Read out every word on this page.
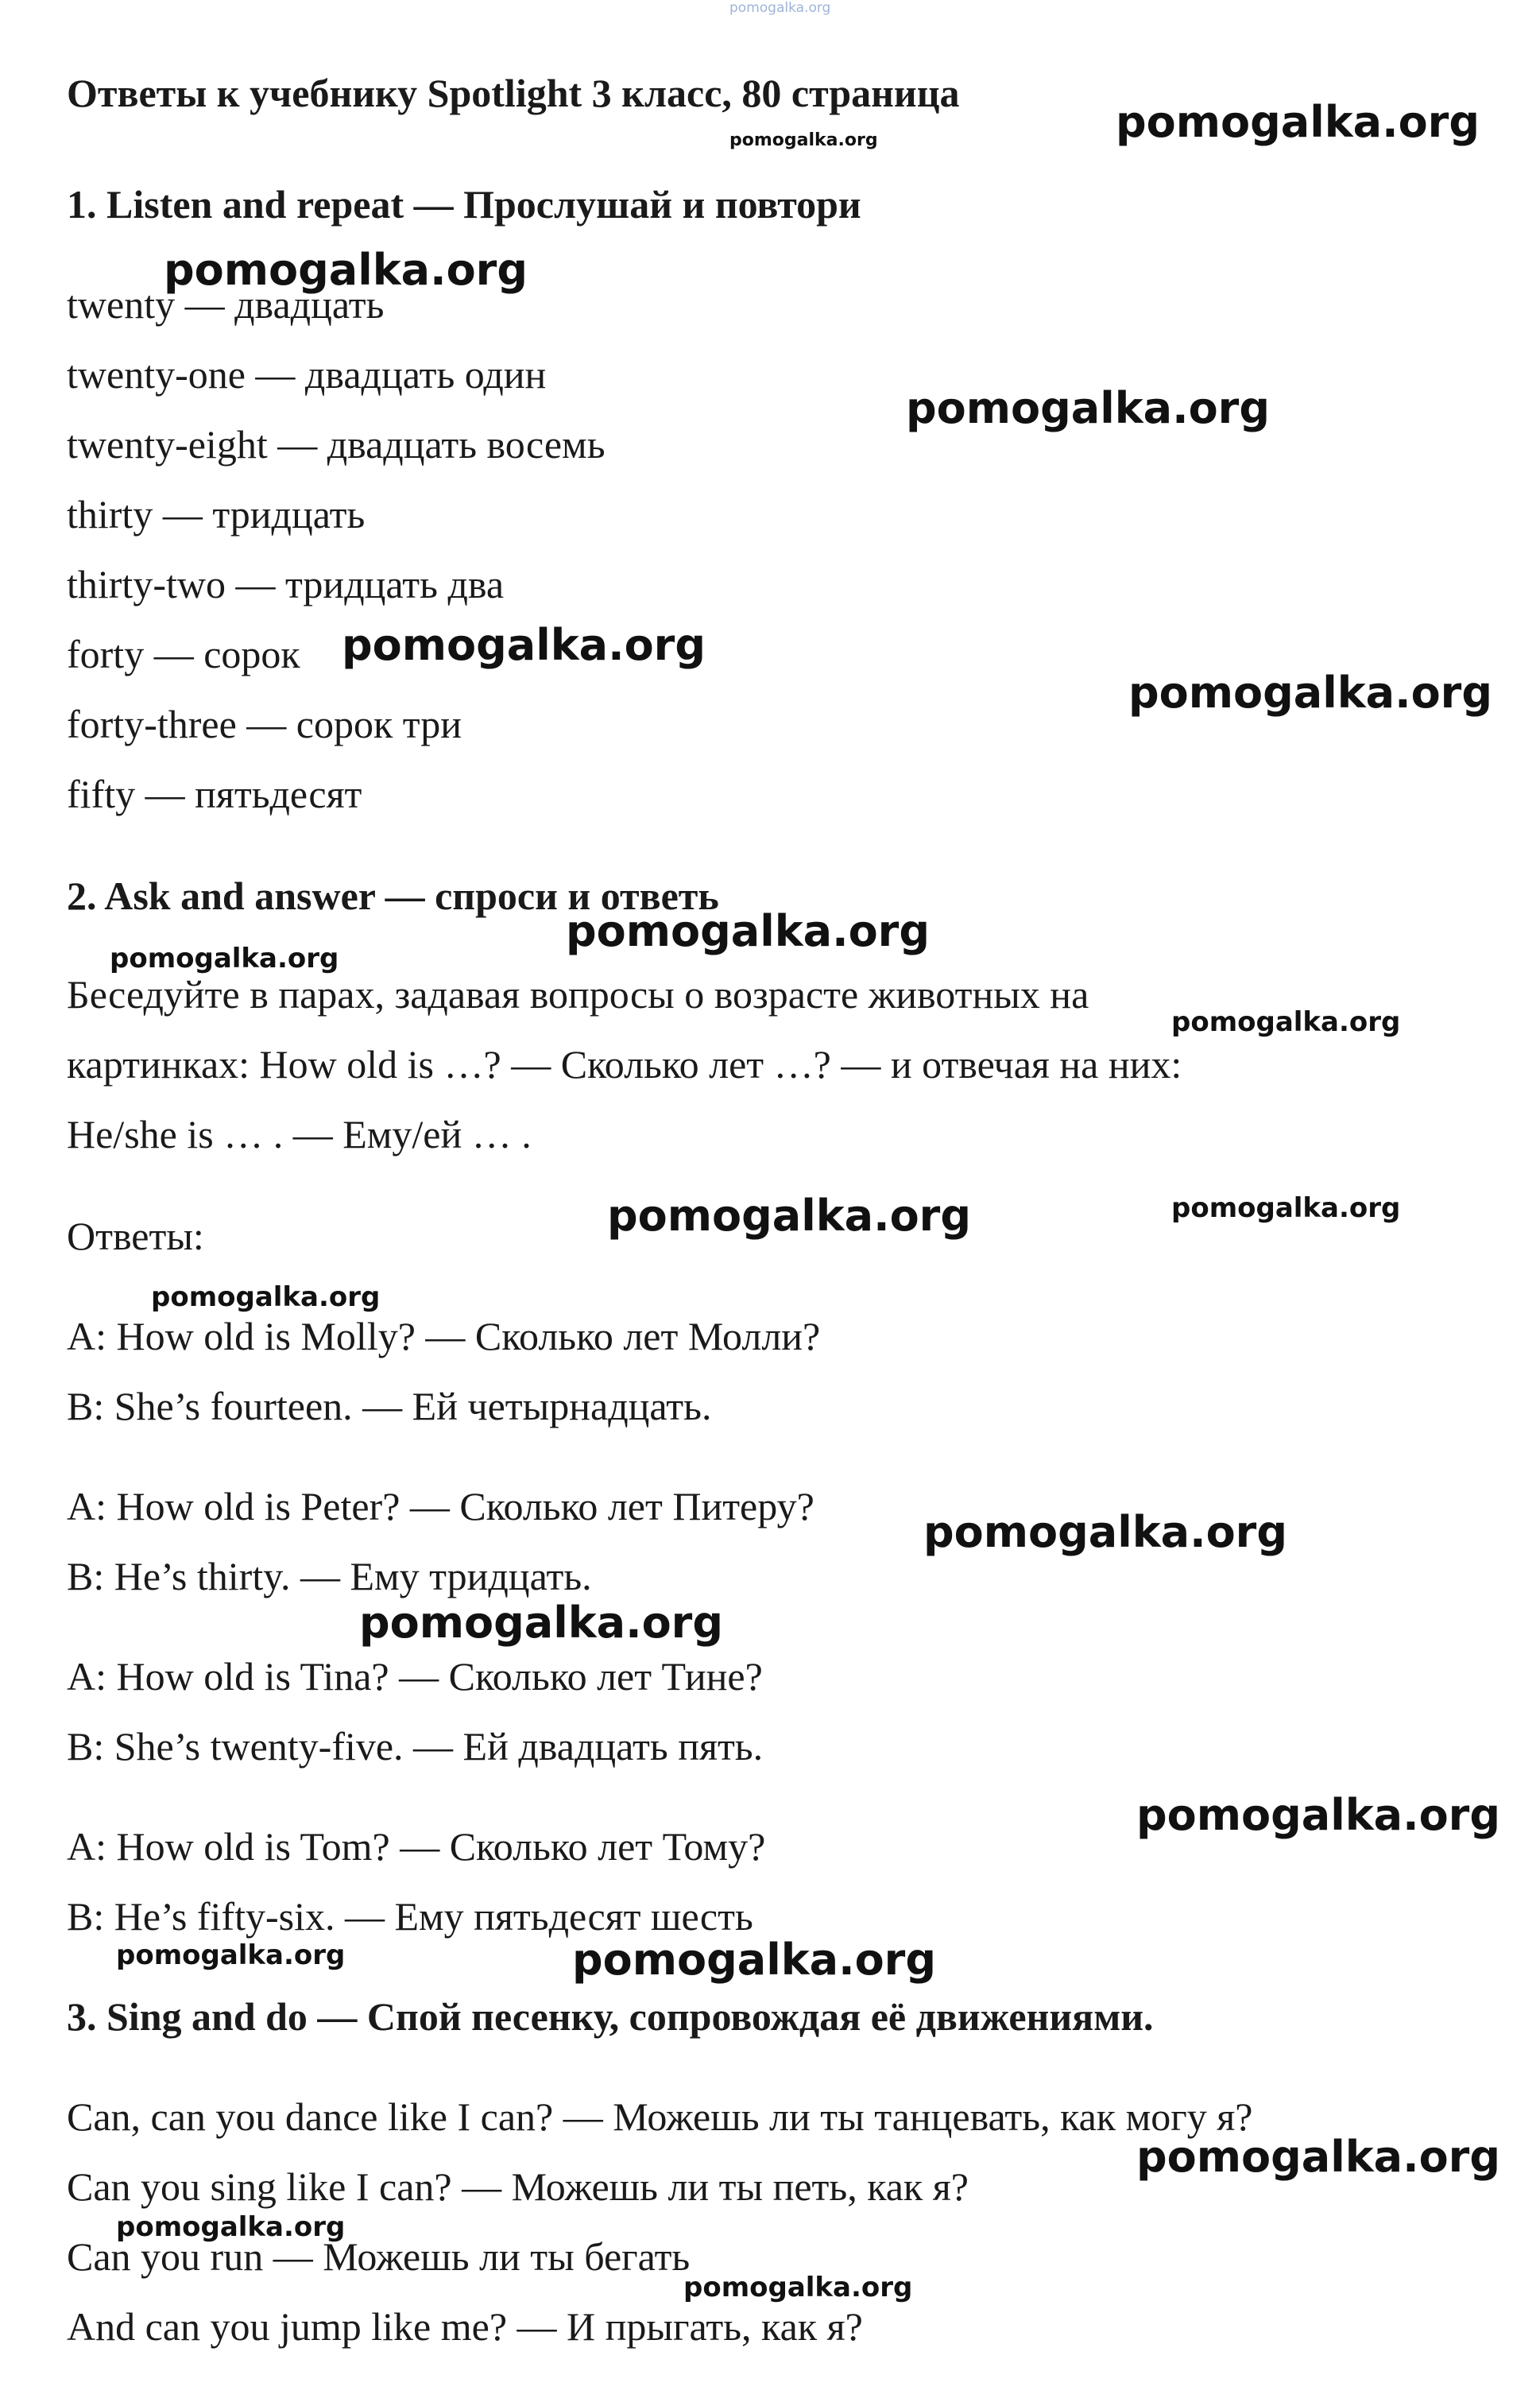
pomogalka.org
Ответы к учебнику Spotlight 3 класс, 80 страница
1. Listen and repeat — Прослушай и повтори
twenty — двадцать
twenty-one — двадцать один
twenty-eight — двадцать восемь
thirty — тридцать
thirty-two — тридцать два
forty — сорок
forty-three — сорок три
fifty — пятьдесят
2. Ask and answer — спроси и ответь
Беседуйте в парах, задавая вопросы о возрасте животных на
картинках: How old is …? — Сколько лет …? — и отвечая на них:
He/she is … . — Ему/ей … .
Ответы:
A: How old is Molly? — Сколько лет Молли?
B: She’s fourteen. — Ей четырнадцать.
A: How old is Peter? — Сколько лет Питеру?
B: He’s thirty. — Ему тридцать.
A: How old is Tina? — Сколько лет Тине?
B: She’s twenty-five. — Ей двадцать пять.
A: How old is Tom? — Сколько лет Тому?
B: He’s fifty-six. — Ему пятьдесят шесть
3. Sing and do — Спой песенку, сопровождая её движениями.
Can, can you dance like I can? — Можешь ли ты танцевать, как могу я?
Can you sing like I can? — Можешь ли ты петь, как я?
Can you run — Можешь ли ты бегать
And can you jump like me? — И прыгать, как я?
pomogalka.org
pomogalka.org
pomogalka.org
pomogalka.org
pomogalka.org
pomogalka.org
pomogalka.org
pomogalka.org
pomogalka.org
pomogalka.org	pomogalka.org
pomogalka.org
pomogalka.org
pomogalka.org
pomogalka.org
pomogalka.org	pomogalka.org
pomogalka.org
pomogalka.org
pomogalka.org
